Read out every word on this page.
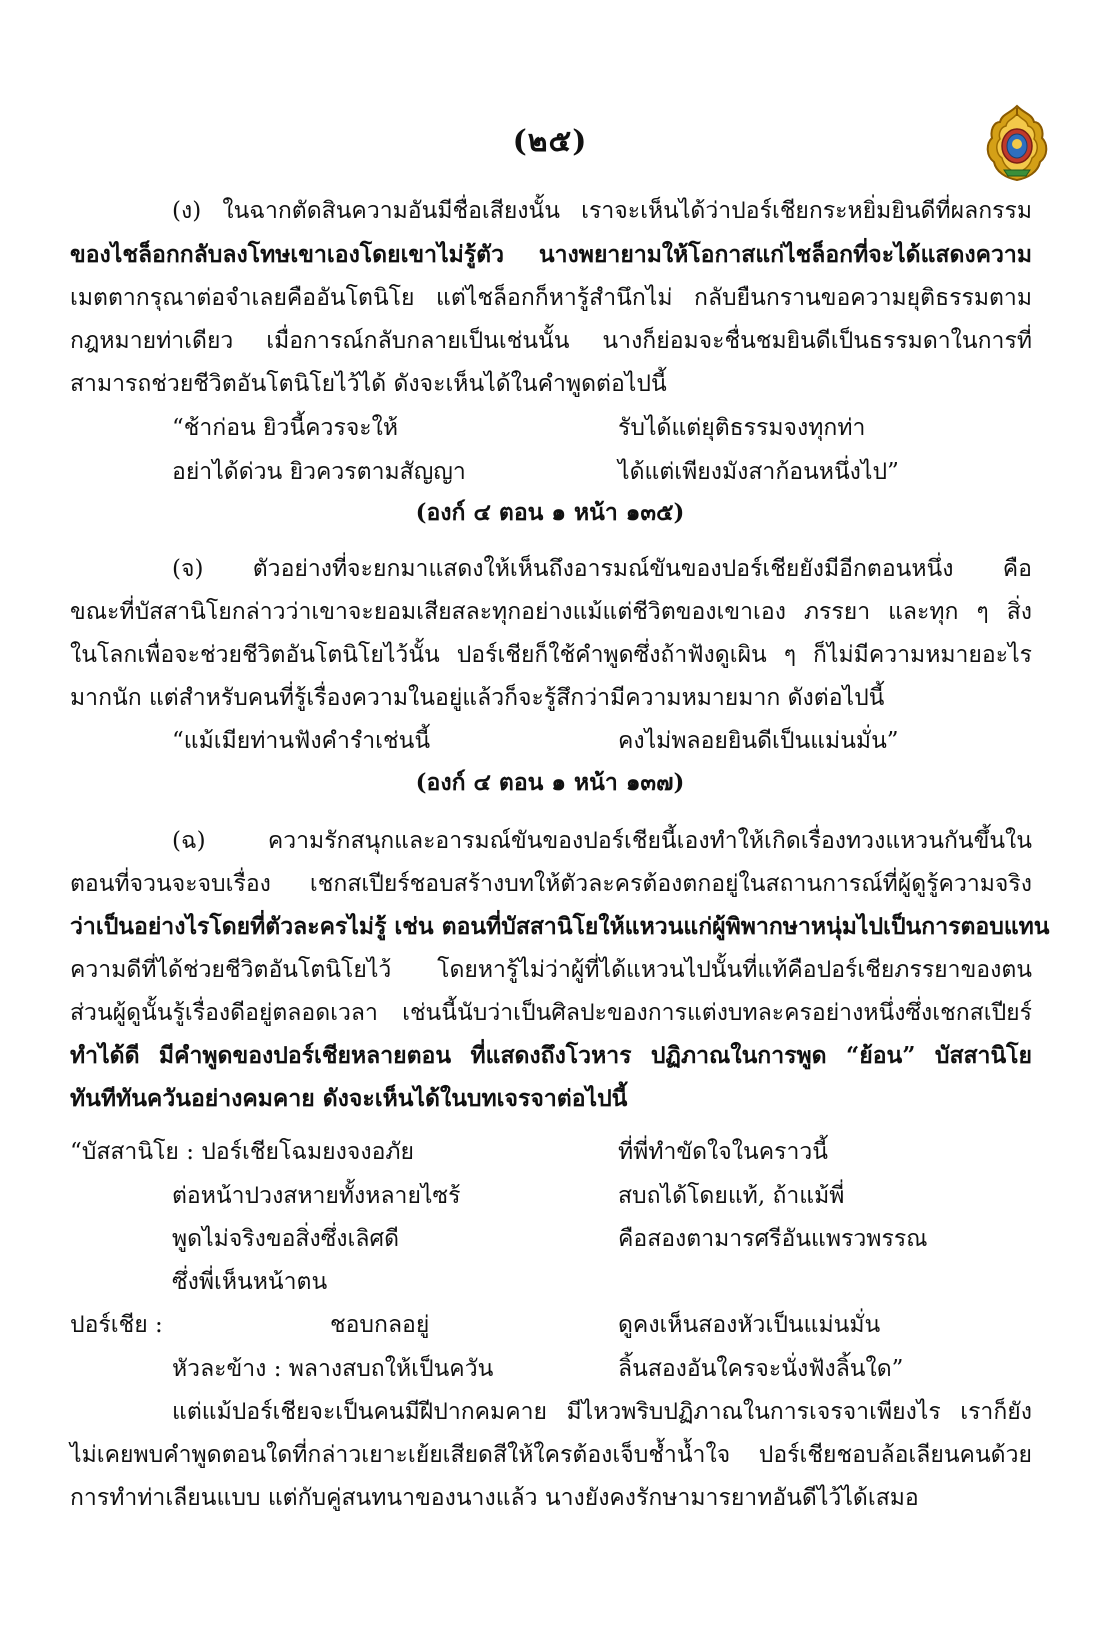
(๒๕)
(ง) ในฉากตัดสินความอันมีชื่อเสียงนั้น เราจะเห็นได้ว่าปอร์เชียกระหยิ่มยินดีที่ผลกรรม
ของไชล็อกกลับลงโทษเขาเองโดยเขาไม่รู้ตัว นางพยายามให้โอกาสแก่ไชล็อกที่จะได้แสดงความ
เมตตากรุณาต่อจำเลยคืออันโตนิโย แต่ไชล็อกก็หารู้สำนึกไม่ กลับยืนกรานขอความยุติธรรมตาม
กฎหมายท่าเดียว เมื่อการณ์กลับกลายเป็นเช่นนั้น นางก็ย่อมจะชื่นชมยินดีเป็นธรรมดาในการที่
สามารถช่วยชีวิตอันโตนิโยไว้ได้ ดังจะเห็นได้ในคำพูดต่อไปนี้
“ช้าก่อน ยิวนี้ควรจะให้	รับได้แต่ยุติธรรมจงทุกท่า
อย่าได้ด่วน ยิวควรตามสัญญา	ได้แต่เพียงมังสาก้อนหนึ่งไป”
(องก์ ๔ ตอน ๑ หน้า ๑๓๕)
(จ) ตัวอย่างที่จะยกมาแสดงให้เห็นถึงอารมณ์ขันของปอร์เชียยังมีอีกตอนหนึ่ง คือ
ขณะที่บัสสานิโยกล่าวว่าเขาจะยอมเสียสละทุกอย่างแม้แต่ชีวิตของเขาเอง ภรรยา และทุก ๆ สิ่ง
ในโลกเพื่อจะช่วยชีวิตอันโตนิโยไว้นั้น ปอร์เชียก็ใช้คำพูดซึ่งถ้าฟังดูเผิน ๆ ก็ไม่มีความหมายอะไร
มากนัก แต่สำหรับคนที่รู้เรื่องความในอยู่แล้วก็จะรู้สึกว่ามีความหมายมาก ดังต่อไปนี้
“แม้เมียท่านฟังคำรำเช่นนี้	คงไม่พลอยยินดีเป็นแม่นมั่น”
(องก์ ๔ ตอน ๑ หน้า ๑๓๗)
(ฉ) ความรักสนุกและอารมณ์ขันของปอร์เชียนี้เองทำให้เกิดเรื่องทวงแหวนกันขึ้นใน
ตอนที่จวนจะจบเรื่อง เชกสเปียร์ชอบสร้างบทให้ตัวละครต้องตกอยู่ในสถานการณ์ที่ผู้ดูรู้ความจริง
ว่าเป็นอย่างไรโดยที่ตัวละครไม่รู้ เช่น ตอนที่บัสสานิโยให้แหวนแก่ผู้พิพากษาหนุ่มไปเป็นการตอบแทน
ความดีที่ได้ช่วยชีวิตอันโตนิโยไว้ โดยหารู้ไม่ว่าผู้ที่ได้แหวนไปนั้นที่แท้คือปอร์เชียภรรยาของตน
ส่วนผู้ดูนั้นรู้เรื่องดีอยู่ตลอดเวลา เช่นนี้นับว่าเป็นศิลปะของการแต่งบทละครอย่างหนึ่งซึ่งเชกสเปียร์
ทำได้ดี มีคำพูดของปอร์เชียหลายตอน ที่แสดงถึงโวหาร ปฏิภาณในการพูด “ย้อน” บัสสานิโย
ทันทีทันควันอย่างคมคาย ดังจะเห็นได้ในบทเจรจาต่อไปนี้
“บัสสานิโย : ปอร์เชียโฉมยงจงอภัย	ที่พี่ทำขัดใจในคราวนี้
ต่อหน้าปวงสหายทั้งหลายไซร้	สบถได้โดยแท้, ถ้าแม้พี่
พูดไม่จริงขอสิ่งซึ่งเลิศดี	คือสองตามารศรีอันแพรวพรรณ
ซึ่งพี่เห็นหน้าตน
ปอร์เชีย :	ชอบกลอยู่	ดูคงเห็นสองหัวเป็นแม่นมั่น
หัวละข้าง : พลางสบถให้เป็นควัน	ลิ้นสองอันใครจะนั่งฟังลิ้นใด”
แต่แม้ปอร์เชียจะเป็นคนมีฝีปากคมคาย มีไหวพริบปฏิภาณในการเจรจาเพียงไร เราก็ยัง
ไม่เคยพบคำพูดตอนใดที่กล่าวเยาะเย้ยเสียดสีให้ใครต้องเจ็บช้ำน้ำใจ ปอร์เชียชอบล้อเลียนคนด้วย
การทำท่าเลียนแบบ แต่กับคู่สนทนาของนางแล้ว นางยังคงรักษามารยาทอันดีไว้ได้เสมอ
